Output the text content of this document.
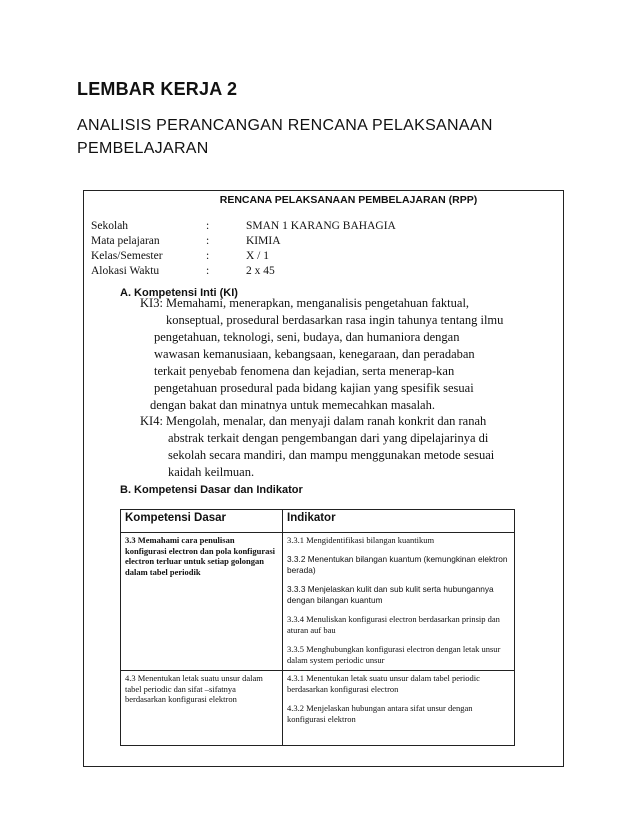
LEMBAR KERJA 2
ANALISIS PERANCANGAN RENCANA PELAKSANAAN PEMBELAJARAN
RENCANA PELAKSANAAN PEMBELAJARAN (RPP)
Sekolah	:	SMAN 1 KARANG BAHAGIA
Mata pelajaran	:	KIMIA
Kelas/Semester	:	X / 1
Alokasi Waktu	:	2 x 45
A. Kompetensi Inti (KI)
KI3: Memahami, menerapkan, menganalisis pengetahuan faktual,
konseptual, prosedural berdasarkan rasa ingin tahunya tentang ilmu
pengetahuan, teknologi, seni, budaya, dan humaniora dengan
wawasan kemanusiaan, kebangsaan, kenegaraan, dan peradaban
terkait penyebab fenomena dan kejadian, serta menerap-kan
pengetahuan prosedural pada bidang kajian yang spesifik sesuai
dengan bakat dan minatnya untuk memecahkan masalah.
KI4: Mengolah, menalar, dan menyaji dalam ranah konkrit dan ranah
abstrak terkait dengan pengembangan dari yang dipelajarinya di
sekolah secara mandiri, dan mampu menggunakan metode sesuai
kaidah keilmuan.
B. Kompetensi Dasar dan Indikator
Kompetensi Dasar	Indikator
3.3 Memahami cara penulisan konfigurasi electron dan pola konfigurasi electron terluar untuk setiap golongan dalam tabel periodik	3.3.1 Mengidentifikasi bilangan kuantikum

3.3.2 Menentukan bilangan kuantum (kemungkinan elektron berada)

3.3.3 Menjelaskan kulit dan sub kulit serta hubungannya dengan bilangan kuantum

3.3.4 Menuliskan konfigurasi electron berdasarkan prinsip dan aturan auf bau

3.3.5 Menghubungkan konfigurasi electron dengan letak unsur dalam system periodic unsur

4.3 Menentukan letak suatu unsur dalam tabel periodic dan sifat –sifatnya berdasarkan konfigurasi elektron	4.3.1 Menentukan letak suatu unsur dalam tabel periodic berdasarkan konfigurasi electron

4.3.2 Menjelaskan hubungan antara sifat unsur dengan konfigurasi elektron
